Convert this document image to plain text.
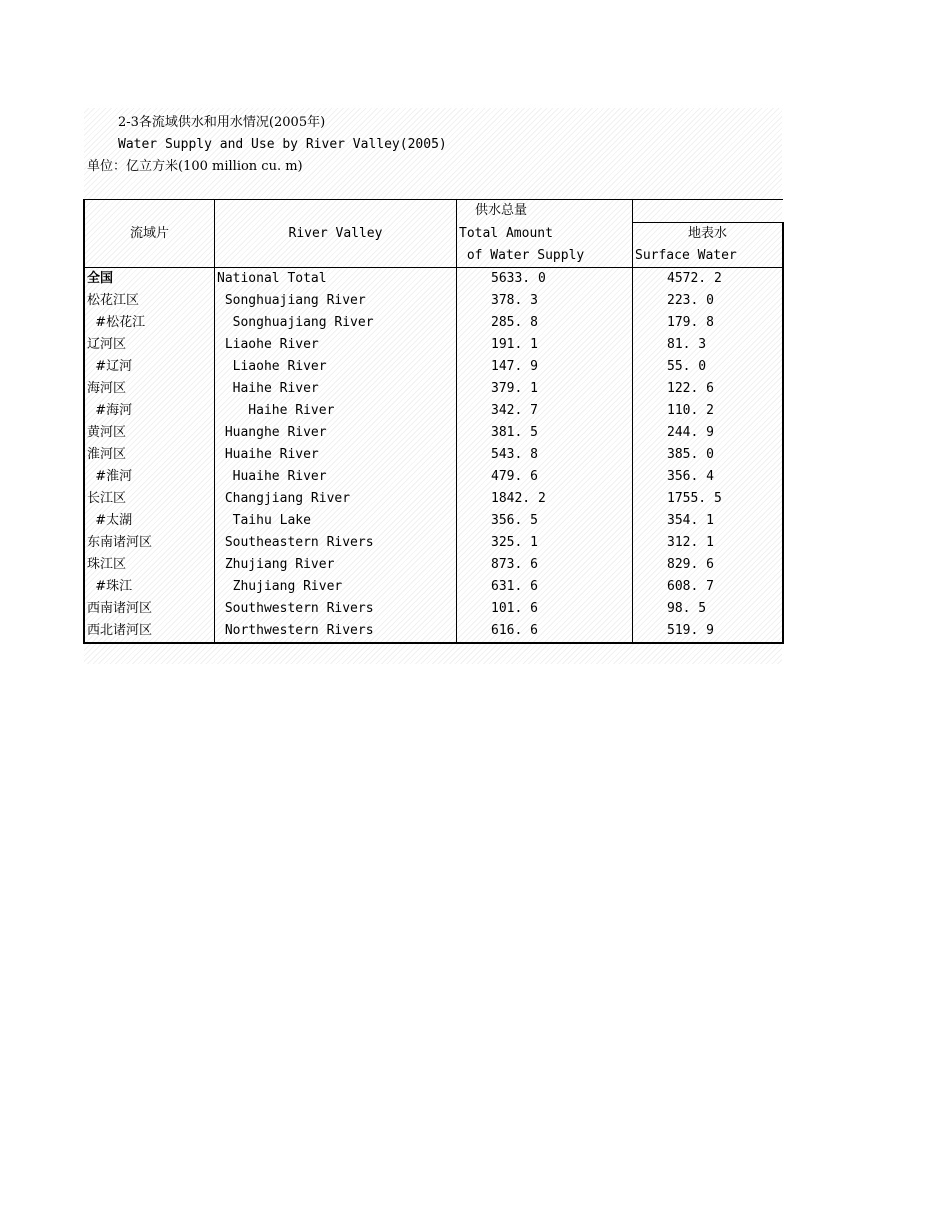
2-3各流域供水和用水情况(2005年)
Water Supply and Use by River Valley(2005)
单位：亿立方米(100 million cu. m)
		供水总量	
流域片	River Valley	Total Amount	地表水
		of Water Supply	Surface Water
全国	National Total	5633. 0	4572. 2
松花江区	Songhuajiang River	378. 3	223. 0
#松花江	Songhuajiang River	285. 8	179. 8
辽河区	Liaohe River	191. 1	81. 3
#辽河	Liaohe River	147. 9	55. 0
海河区	Haihe River	379. 1	122. 6
#海河	Haihe River	342. 7	110. 2
黄河区	Huanghe River	381. 5	244. 9
淮河区	Huaihe River	543. 8	385. 0
#淮河	Huaihe River	479. 6	356. 4
长江区	Changjiang River	1842. 2	1755. 5
#太湖	Taihu Lake	356. 5	354. 1
东南诸河区	Southeastern Rivers	325. 1	312. 1
珠江区	Zhujiang River	873. 6	829. 6
#珠江	Zhujiang River	631. 6	608. 7
西南诸河区	Southwestern Rivers	101. 6	98. 5
西北诸河区	Northwestern Rivers	616. 6	519. 9
